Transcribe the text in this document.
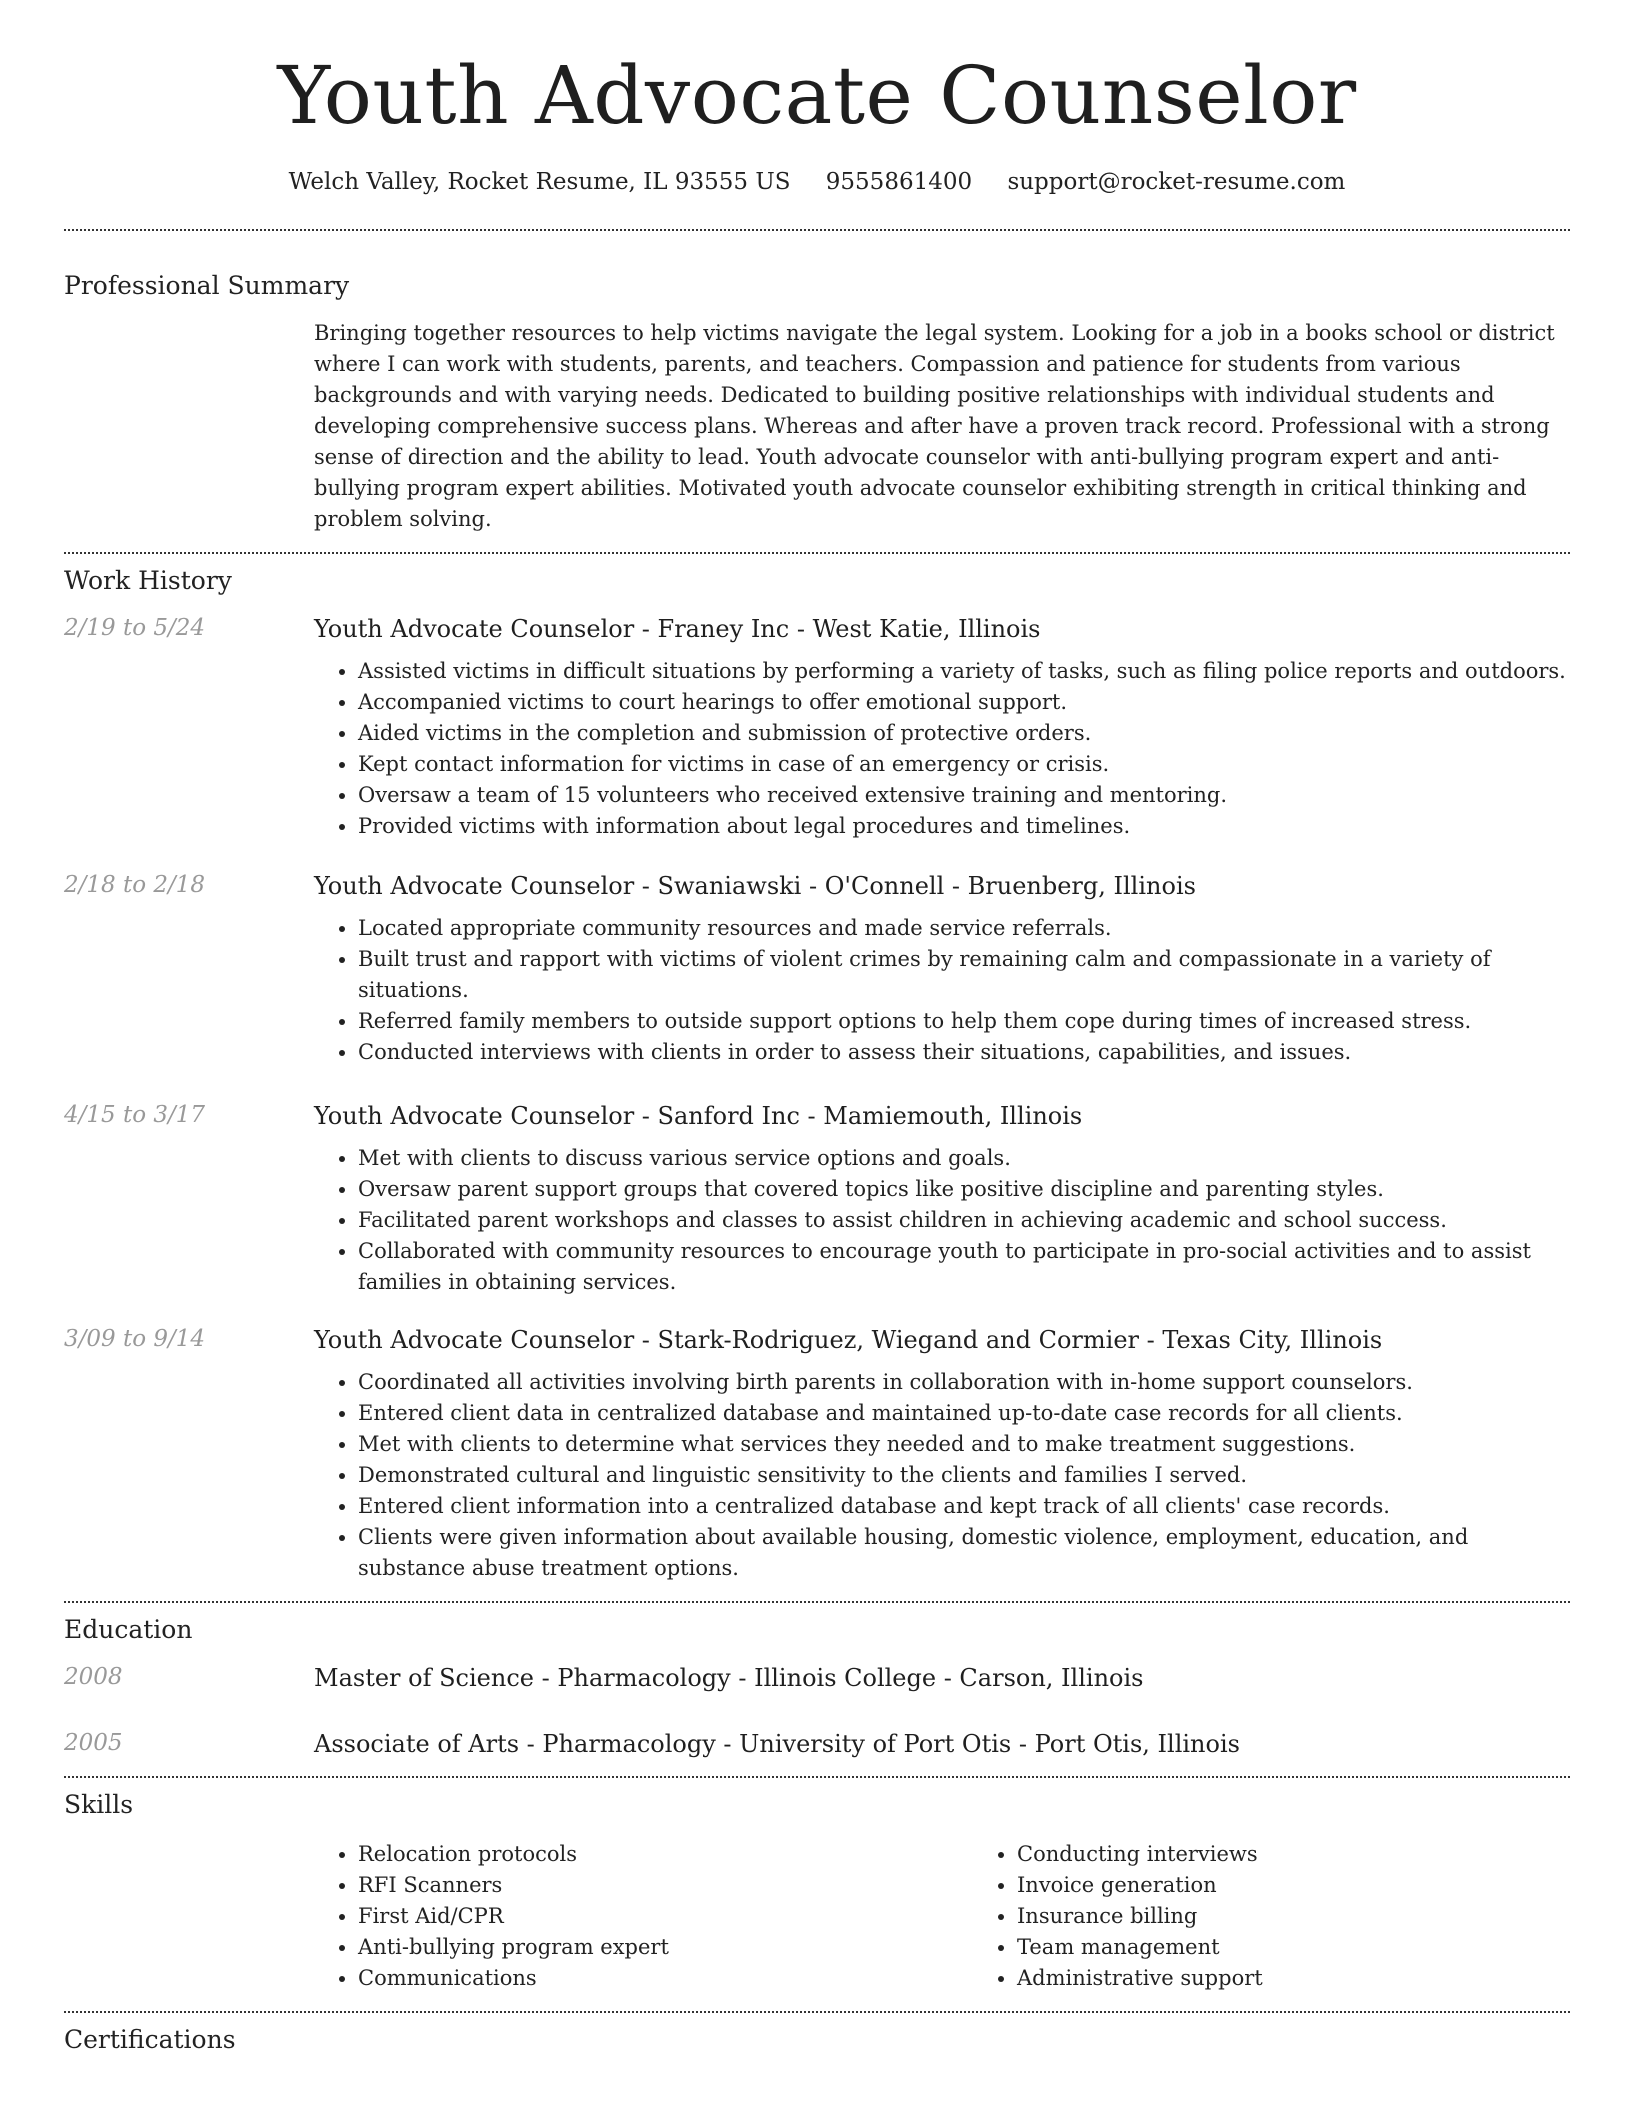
Youth Advocate Counselor
Welch Valley, Rocket Resume, IL 93555 US 9555861400 support@rocket-resume.com
Professional Summary
Bringing together resources to help victims navigate the legal system. Looking for a job in a books school or district where I can work with students, parents, and teachers. Compassion and patience for students from various backgrounds and with varying needs. Dedicated to building positive relationships with individual students and developing comprehensive success plans. Whereas and after have a proven track record. Professional with a strong sense of direction and the ability to lead. Youth advocate counselor with anti-bullying program expert and anti-bullying program expert abilities. Motivated youth advocate counselor exhibiting strength in critical thinking and problem solving.
Work History
2/19 to 5/24	Youth Advocate Counselor - Franey Inc - West Katie, Illinois
• Assisted victims in difficult situations by performing a variety of tasks, such as filing police reports and outdoors.
• Accompanied victims to court hearings to offer emotional support.
• Aided victims in the completion and submission of protective orders.
• Kept contact information for victims in case of an emergency or crisis.
• Oversaw a team of 15 volunteers who received extensive training and mentoring.
• Provided victims with information about legal procedures and timelines.
2/18 to 2/18	Youth Advocate Counselor - Swaniawski - O'Connell - Bruenberg, Illinois
• Located appropriate community resources and made service referrals.
• Built trust and rapport with victims of violent crimes by remaining calm and compassionate in a variety of situations.
• Referred family members to outside support options to help them cope during times of increased stress.
• Conducted interviews with clients in order to assess their situations, capabilities, and issues.
4/15 to 3/17	Youth Advocate Counselor - Sanford Inc - Mamiemouth, Illinois
• Met with clients to discuss various service options and goals.
• Oversaw parent support groups that covered topics like positive discipline and parenting styles.
• Facilitated parent workshops and classes to assist children in achieving academic and school success.
• Collaborated with community resources to encourage youth to participate in pro-social activities and to assist families in obtaining services.
3/09 to 9/14	Youth Advocate Counselor - Stark-Rodriguez, Wiegand and Cormier - Texas City, Illinois
• Coordinated all activities involving birth parents in collaboration with in-home support counselors.
• Entered client data in centralized database and maintained up-to-date case records for all clients.
• Met with clients to determine what services they needed and to make treatment suggestions.
• Demonstrated cultural and linguistic sensitivity to the clients and families I served.
• Entered client information into a centralized database and kept track of all clients' case records.
• Clients were given information about available housing, domestic violence, employment, education, and substance abuse treatment options.
Education
2008	Master of Science - Pharmacology - Illinois College - Carson, Illinois
2005	Associate of Arts - Pharmacology - University of Port Otis - Port Otis, Illinois
Skills
• Relocation protocols
• RFI Scanners
• First Aid/CPR
• Anti-bullying program expert
• Communications
• Conducting interviews
• Invoice generation
• Insurance billing
• Team management
• Administrative support
Certifications
